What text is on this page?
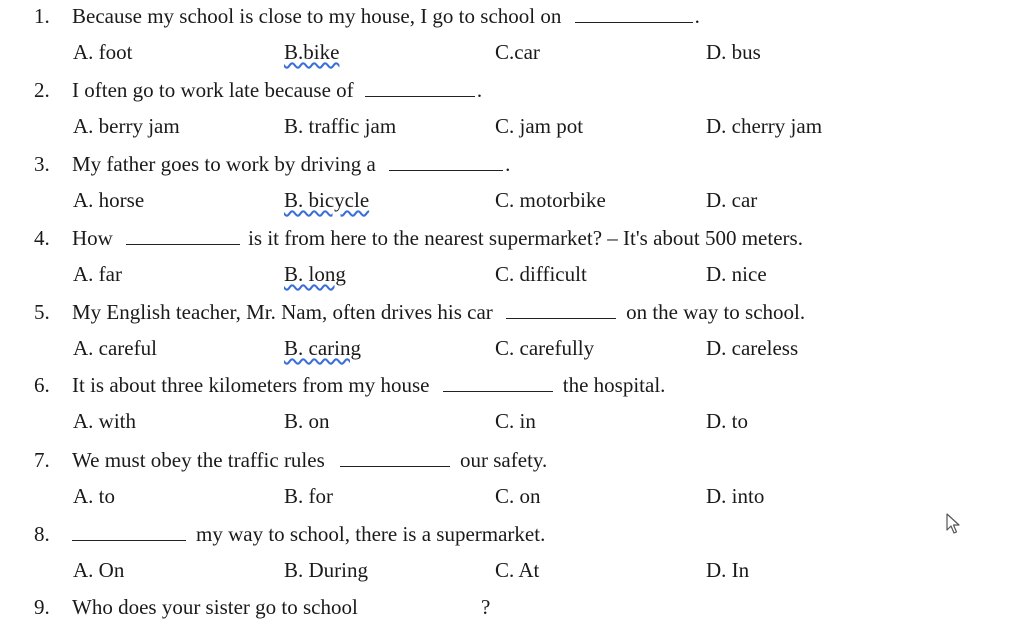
1. Because my school is close to my house, I go to school on	.
A. foot	B.bike	C.car	D. bus
2. I often go to work late because of	.
A. berry jam	B. traffic jam	C. jam pot	D. cherry jam
3. My father goes to work by driving a	.
A. horse	B. bicycle	C. motorbike	D. car
4. How	is it from here to the nearest supermarket? – It's about 500 meters.
A. far	B. long	C. difficult	D. nice
5. My English teacher, Mr. Nam, often drives his car	on the way to school.
A. careful	B. caring	C. carefully	D. careless
6. It is about three kilometers from my house	the hospital.
A. with	B. on	C. in	D. to
7. We must obey the traffic rules	our safety.
A. to	B. for	C. on	D. into
8.	my way to school, there is a supermarket.
A. On	B. During	C. At	D. In
9. Who does your sister go to school	?
